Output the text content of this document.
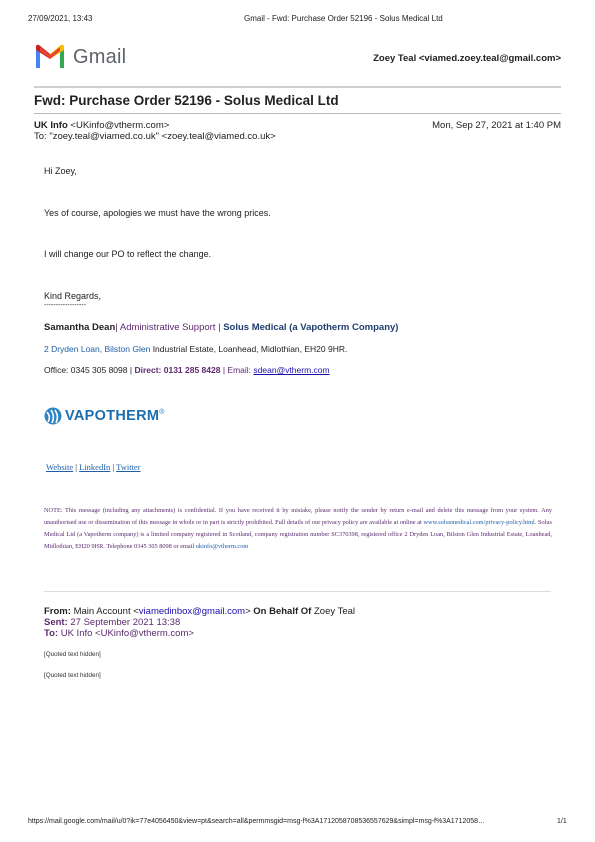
27/09/2021, 13:43	Gmail - Fwd: Purchase Order 52196 - Solus Medical Ltd
Gmail	Zoey Teal <viamed.zoey.teal@gmail.com>
Fwd: Purchase Order 52196 - Solus Medical Ltd
UK Info <UKinfo@vtherm.com>	Mon, Sep 27, 2021 at 1:40 PM
To: "zoey.teal@viamed.co.uk" <zoey.teal@viamed.co.uk>
Hi Zoey,
Yes of course, apologies we must have the wrong prices.
I will change our PO to reflect the change.
Kind Regards,
------------------
Samantha Dean| Administrative Support | Solus Medical (a Vapotherm Company)
2 Dryden Loan, Bilston Glen Industrial Estate, Loanhead, Midlothian, EH20 9HR.
Office: 0345 305 8098 | Direct: 0131 285 8428 | Email: sdean@vtherm.com
VAPOTHERM®
Website | LinkedIn | Twitter
NOTE: This message (including any attachments) is confidential. If you have received it by mistake, please notify the sender by return e-mail and delete this message from your system. Any unauthorised use or dissemination of this message in whole or in part is strictly prohibited. Full details of our privacy policy are available at online at www.solusmedical.com/privacy-policy.html. Solus Medical Ltd (a Vapotherm company) is a limited company registered in Scotland, company registration number SC370398, registered office 2 Dryden Loan, Bilston Glen Industrial Estate, Loanhead, Midlothian, EH20 9HR. Telephone 0345 305 8098 or email ukinfo@vtherm.com
From: Main Account <viamedinbox@gmail.com> On Behalf Of Zoey Teal
Sent: 27 September 2021 13:38
To: UK Info <UKinfo@vtherm.com>
[Quoted text hidden]
[Quoted text hidden]
https://mail.google.com/mail/u/0?ik=77e4056450&view=pt&search=all&permmsgid=msg-f%3A1712058708536557629&simpl=msg-f%3A1712058…	1/1
